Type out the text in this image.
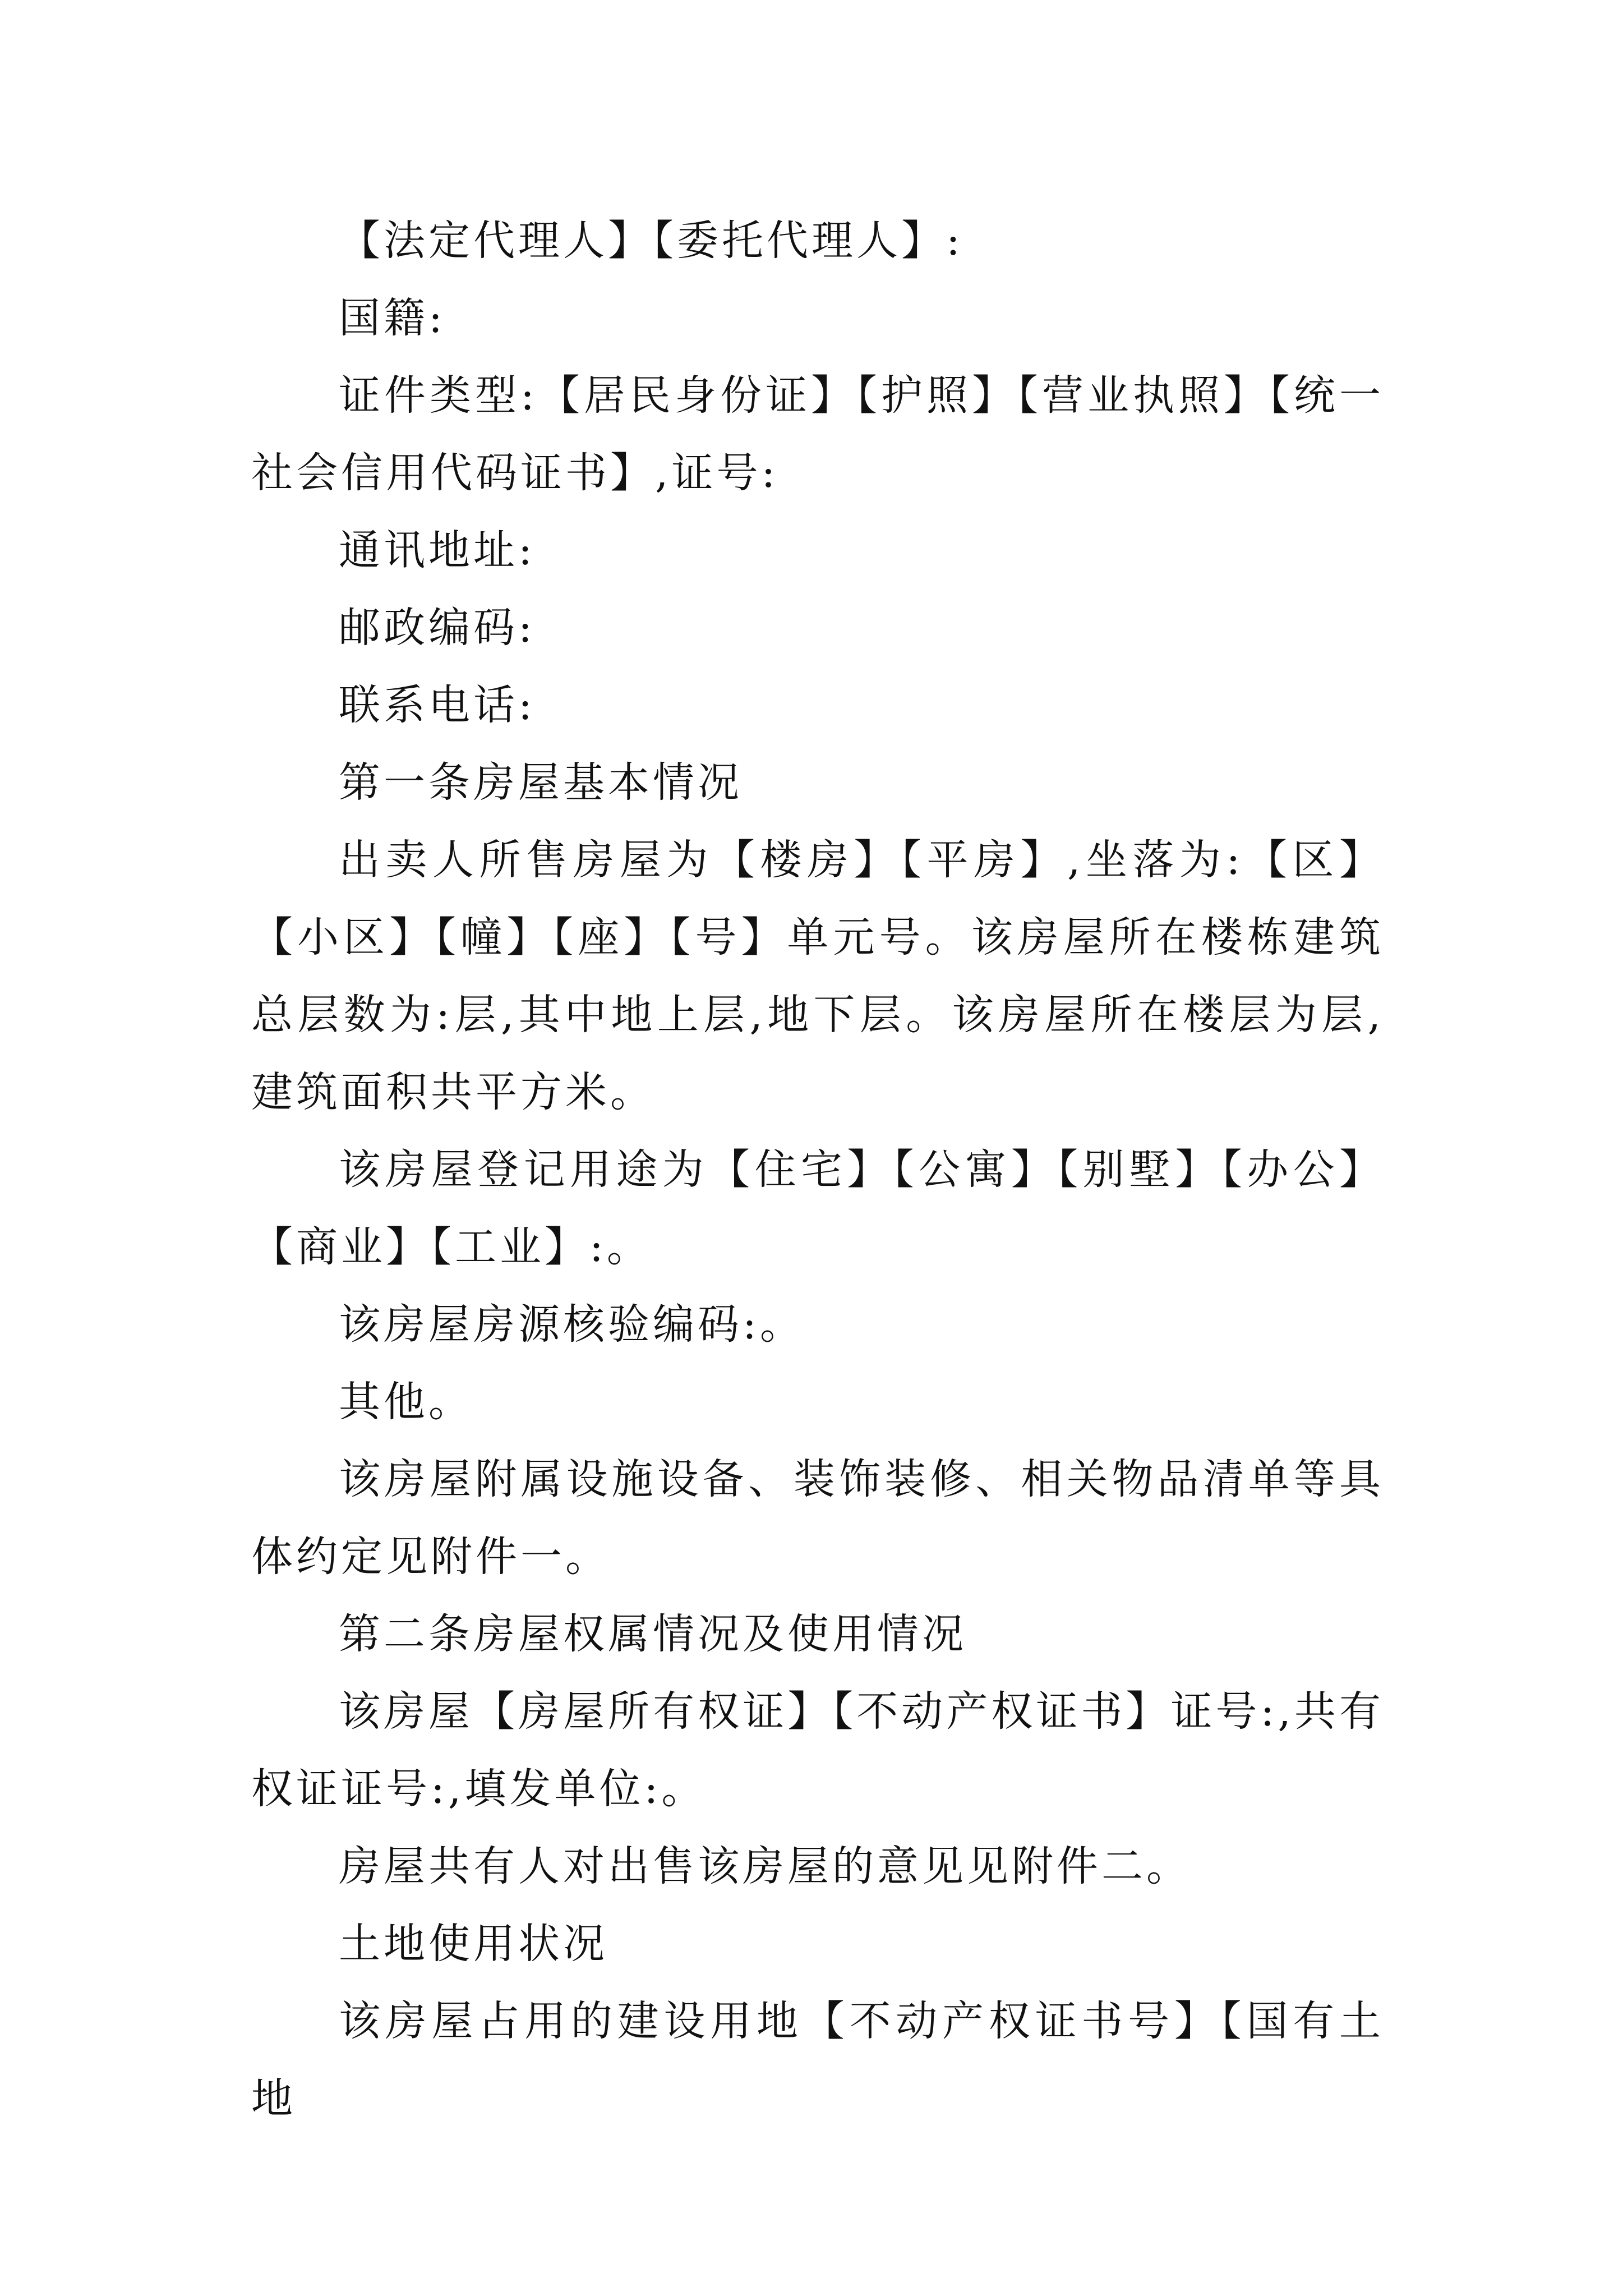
【法定代理人】【委托代理人】:

国籍:

证件类型:【居民身份证】【护照】【营业执照】【统一社会信用代码证书】,证号:

通讯地址:

邮政编码:

联系电话:

第一条房屋基本情况

出卖人所售房屋为【楼房】【平房】,坐落为:【区】【小区】【幢】【座】【号】单元号。该房屋所在楼栋建筑总层数为:层,其中地上层,地下层。该房屋所在楼层为层,建筑面积共平方米。

该房屋登记用途为【住宅】【公寓】【别墅】【办公】【商业】【工业】:。

该房屋房源核验编码:。

其他。

该房屋附属设施设备、装饰装修、相关物品清单等具体约定见附件一。

第二条房屋权属情况及使用情况

该房屋【房屋所有权证】【不动产权证书】证号:,共有权证证号:,填发单位:。

房屋共有人对出售该房屋的意见见附件二。

土地使用状况

该房屋占用的建设用地【不动产权证书号】【国有土地
